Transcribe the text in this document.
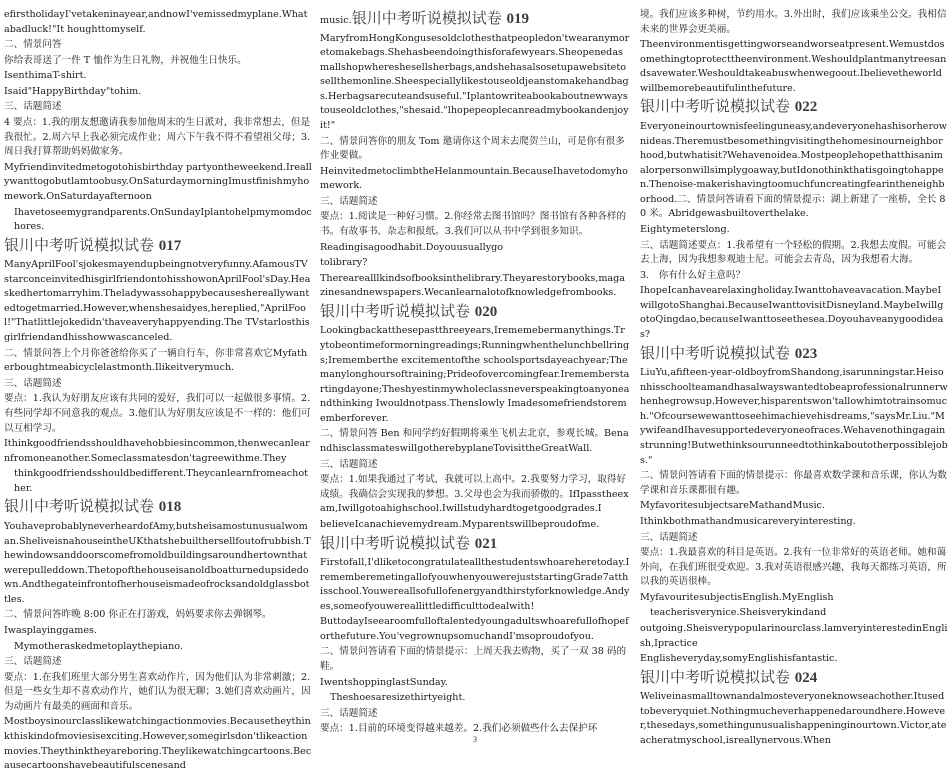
efirstholidayI'vetakeninayear,andnowI'vemissedmyplane.Whatabadluck!"It houghttomyself.

二、情景问答

你给表哥送了一件 T 恤作为生日礼物，并祝他生日快乐。

IsenthimaT-shirt.

Isaid"HappyBirthday"tohim.

三、话题简述

4 要点：1.我的朋友想邀请我参加他周末的生日派对，我非常想去，但是我很忙。2.周六早上我必须完成作业；周六下午我不得不看望祖父母；3.周日我打算帮助妈妈做家务。

Myfriendinvitedmetogotohisbirthday partyontheweekend.Ireallywanttogobutlamtoobusy.OnSaturdaymorningImustfinishmyhomework.OnSaturdayafternoon

Ihavetoseemygrandparents.OnSundayIplantohelpmymomdochores.

银川中考听说模拟试卷 017

ManyAprilFool'sjokesmayendupbeingnotveryfunny.AfamousTVstarconceinvitedhisgirlfriendontohisshowonAprilFool'sDay.Heaskedhertomarryhim.Theladywassohappybecauseshereallywantedtogetmarried.However,whenshesaidyes,hereplied,"AprilFool!"Thatlittlejokedidn'thaveaveryhappyending.The TVstarlosthisgirlfriendandhisshowwascanceled.

二、情景问答上个月你爸爸给你买了一辆自行车，你非常喜欢它Myfatherboughtmeabicyclelastmonth.Ilikeitverymuch.

三、话题简述

要点：1.我认为好朋友应该有共同的爱好，我们可以一起做很多事情。2.有些同学却不同意我的观点。3.他们认为好朋友应该是不一样的：他们可以互相学习。

Ithinkgoodfriendsshouldhavehobbiesincommon,thenwecanlearnfromoneanother.Someclassmatesdon'tagreewithme.They

thinkgoodfriendsshouldbedifferent.Theycanlearnfromeachother.

银川中考听说模拟试卷 018

YouhaveprobablyneverheardofAmy,butsheisamostunusualwoman.SheliveisnahouseintheUKthatshebuilthersellfoutofrubbish.Thewindowsanddoorscomefromoldbuildingsaroundhertownthatwerepulleddown.Thetopofthehouseisanoldboatturnedupsidedown.Andthegateinfrontofherhouseismadeofrocksandoldglassbottles.

二、情景问答昨晚 8:00 你正在打游戏，妈妈要求你去弹钢琴。

Iwasplayinggames.

Mymotheraskedmetoplaythepiano.

三、话题简述

要点：1.在我们班里大部分男生喜欢动作片，因为他们认为非常刺激；2.但是一些女生却不喜欢动作片，她们认为很无聊；3.她们喜欢动画片，因为动画片有最美的画面和音乐。

Mostboysinourclasslikewatchingactionmovies.Becausetheythinkthiskindofmoviesisexciting.However,somegirlsdon'tlikeactionmovies.Theythinktheyareboring.Theylikewatchingcartoons.Becausecartoonshavebeautifulscenesand

music.银川中考听说模拟试卷 019

MaryfromHongKongusesoldclothesthatpeopledon'twearanymoretomakebags.Shehasbeendoingthisforafewyears.Sheopenedasmallshopwhereshesellsherbags,andshehasalsosetupawebsitetosellthemonline.Sheespeciallylikestouseoldjeanstomakehandbags.Herbagsarecuteandsuseful."Iplantowriteabookaboutnewwaystouseoldclothes,"shesaid."lhopepeoplecanreadmybookandenjoyit!"

二、情景问答你的朋友 Tom 邀请你这个周末去爬贺兰山，可是你有很多作业要做。

HeinvitedmetoclimbtheHelanmountain.BecauseIhavetodomyhomework.

三、话题简述

要点：1.阅读是一种好习惯。2.你经常去图书馆吗？图书馆有各种各样的书。有故事书、杂志和报纸。3.我们可以从书中学到很多知识。

Readingisagoodhabit.Doyouusuallygo

tolibrary?

Therearealllkindsofbooksinthelibrary.Theyarestorybooks,magazinesandnewspapers.Wecanlearnalotofknowledgefrombooks.

银川中考听说模拟试卷 020

Lookingbackatthesepastthreeyears,Irememebermanythings.Trytobeontimeformorningreadings;Runningwhenthelunchbellrings;Irememberthe excitementofthe schoolsportsdayeachyear;Themanylonghoursoftraining;Prideofovercomingfear.Irememberstartingdayone;Theshyestinmywholeclassneverspeakingtoanyoneandthinking Iwouldnotpass.Thenslowly Imadesomefriendstorememberforever.

二、情景问答 Ben 和同学约好假期将乘坐飞机去北京，参观长城。BenandhisclassmateswillgotherebyplaneTovisittheGreatWall.

三、话题简述

要点：1.如果我通过了考试，我就可以上高中。2.我要努力学习，取得好成绩。我确信会实现我的梦想。3.父母也会为我而骄傲的。IfIpasstheexam,Iwillgotoahighschool.Iwillstudyhardtogetgoodgrades.I

believeIcanachievemydream.Myparentswillbeproudofme.

银川中考听说模拟试卷 021

Firstofall,I'dliketocongratulateallthestudentswhoareheretoday.IrememberemetingallofyouwhenyouwerejuststartingGrade7atthisschool.Youwereallsofullofenergyandthirstyforknowledge.Andyes,someofyouwereallittledifficulttodealwith!

ButtodayIseearoomfulloftalentedyoungadultswhoarefullofhopeforthefuture.You'vegrownupsomuchandI'msoproudofyou.

二、情景问答请看下面的情景提示：上周天我去购物，买了一双 38 码的鞋。

IwentshoppinglastSunday.

Theshoesaresizethirtyeight.

三、话题简述

要点：1.目前的环境变得越来越差。2.我们必须做些什么去保护环

境。我们应该多种树，节约用水。3.外出时，我们应该乘坐公交。我相信未来的世界会更美丽。

Theenvironmentisgettingworseandworseatpresent.Wemustdosomethingtoprotecttheenvironment.Weshouldplantmanytreesandsavewater.Weshouldtakeabuswhenwegoout.Ibelievetheworldwillbemorebeautifulinthefuture.

银川中考听说模拟试卷 022

Everyoneinourtownisfeelinguneasy,andeveryonehashisorherownideas.Theremustbesomethingvisitingthehomesinourneighborhood,butwhatisit?Wehavenoidea.Mostpeoplehopethatthisanimalorpersonwillsimplygoaway,butIdonothinkthatisgoingtohappen.Thenoise-makerishavingtoomuchfuncreatingfearintheneighborhood.二、情景问答请看下面的情景提示：湖上新建了一座桥，全长 80 米。Abridgewasbuiltoverthelake.

Eightymeterslong.

三、话题简述要点：1.我希望有一个轻松的假期。2.我想去度假。可能会去上海，因为我想参观迪士尼。可能会去青岛，因为我想看大海。

3.　你有什么好主意吗？

IhopeIcanhavearelaxingholiday.Iwanttohaveavacation.MaybeIwillgotoShanghai.BecauseIwanttovisitDisneyland.MaybeIwillgotoQingdao,becauseIwanttoseethesea.Doyouhaveanygoodideas?

银川中考听说模拟试卷 023

LiuYu,afifteen-year-oldboyfromShandong,isarunningstar.Heisonhisschoolteamandhasalwayswantedtobeaprofessionalrunnerwhenhegrowsup.However,hisparentswon'tallowhimtotrainsomuch."Ofcoursewewanttoseehimachievehisdreams,"saysMr.Liu."MywifeandIhavesupportedeveryoneofraces.Wehavenothingagainstrunning!Butwethinksourunneedtothinkaboutotherpossiblejobs."

二、情景问答请看下面的情景提示：你最喜欢数学课和音乐课，你认为数学课和音乐课都很有趣。

MyfavoritesubjectsareMathandMusic.

Ithinkbothmathandmusicareveryinteresting.

三、话题简述

要点：1.我最喜欢的科目是英语。2.我有一位非常好的英语老师。她和蔼外向，在我们班很受欢迎。3.我对英语很感兴趣，我每天都练习英语，所以我的英语很棒。

MyfavouritesubjectisEnglish.MyEnglish

teacherisverynice.Sheisverykindand

outgoing.Sheisverypopularinourclass.lamveryinterestedinEnglish,Ipractice

Englisheveryday,somyEnglishisfantastic.

银川中考听说模拟试卷 024

Weliveinasmalltownandalmosteveryoneknowseachother.Itusedtobeveryquiet.Nothingmucheverhappenedaroundhere.However,thesedays,somethingunusualishappeninginourtown.Victor,ateacheratmyschool,isreallynervous.When

3
